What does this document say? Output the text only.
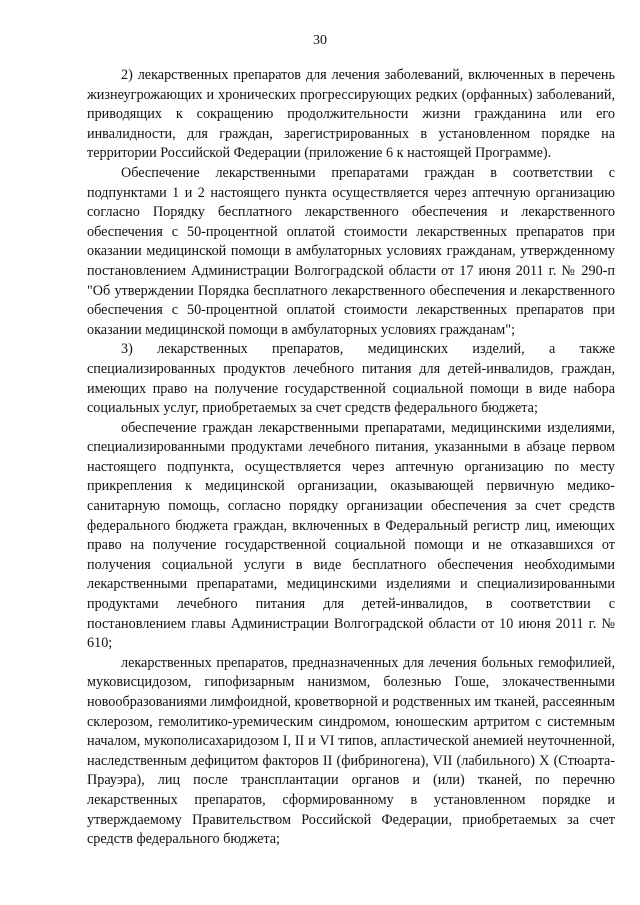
30

2) лекарственных препаратов для лечения заболеваний, включенных в перечень жизнеугрожающих и хронических прогрессирующих редких (орфанных) заболеваний, приводящих к сокращению продолжительности жизни гражданина или его инвалидности, для граждан, зарегистрированных в установленном порядке на территории Российской Федерации (приложение 6 к настоящей Программе).

Обеспечение лекарственными препаратами граждан в соответствии с подпунктами 1 и 2 настоящего пункта осуществляется через аптечную организацию согласно Порядку бесплатного лекарственного обеспечения и лекарственного обеспечения с 50-процентной оплатой стоимости лекарственных препаратов при оказании медицинской помощи в амбулаторных условиях гражданам, утвержденному постановлением Администрации Волгоградской области от 17 июня 2011 г. № 290-п "Об утверждении Порядка бесплатного лекарственного обеспечения и лекарственного обеспечения с 50-процентной оплатой стоимости лекарственных препаратов при оказании медицинской помощи в амбулаторных условиях гражданам";

3) лекарственных препаратов, медицинских изделий, а также специализированных продуктов лечебного питания для детей-инвалидов, граждан, имеющих право на получение государственной социальной помощи в виде набора социальных услуг, приобретаемых за счет средств федерального бюджета;

обеспечение граждан лекарственными препаратами, медицинскими изделиями, специализированными продуктами лечебного питания, указанными в абзаце первом настоящего подпункта, осуществляется через аптечную организацию по месту прикрепления к медицинской организации, оказывающей первичную медико-санитарную помощь, согласно порядку организации обеспечения за счет средств федерального бюджета граждан, включенных в Федеральный регистр лиц, имеющих право на получение государственной социальной помощи и не отказавшихся от получения социальной услуги в виде бесплатного обеспечения необходимыми лекарственными препаратами, медицинскими изделиями и специализированными продуктами лечебного питания для детей-инвалидов, в соответствии с постановлением главы Администрации Волгоградской области от 10 июня 2011 г. № 610;

лекарственных препаратов, предназначенных для лечения больных гемофилией, муковисцидозом, гипофизарным нанизмом, болезнью Гоше, злокачественными новообразованиями лимфоидной, кроветворной и родственных им тканей, рассеянным склерозом, гемолитико-уремическим синдромом, юношеским артритом с системным началом, мукополисахаридозом I, II и VI типов, апластической анемией неуточненной, наследственным дефицитом факторов II (фибриногена), VII (лабильного) X (Стюарта-Прауэра), лиц после трансплантации органов и (или) тканей, по перечню лекарственных препаратов, сформированному в установленном порядке и утверждаемому Правительством Российской Федерации, приобретаемых за счет средств федерального бюджета;
